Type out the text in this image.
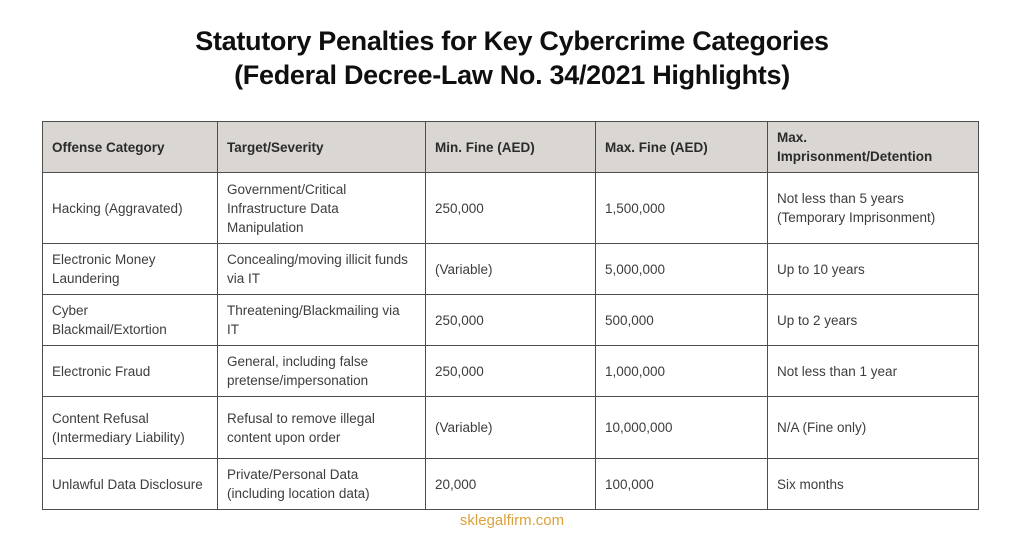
Statutory Penalties for Key Cybercrime Categories
(Federal Decree-Law No. 34/2021 Highlights)
Offense Category	Target/Severity	Min. Fine (AED)	Max. Fine (AED)	Max. Imprisonment/Detention
Hacking (Aggravated)	Government/Critical Infrastructure Data Manipulation	250,000	1,500,000	Not less than 5 years (Temporary Imprisonment)
Electronic Money Laundering	Concealing/moving illicit funds via IT	(Variable)	5,000,000	Up to 10 years
Cyber Blackmail/Extortion	Threatening/Blackmailing via IT	250,000	500,000	Up to 2 years
Electronic Fraud	General, including false pretense/impersonation	250,000	1,000,000	Not less than 1 year
Content Refusal (Intermediary Liability)	Refusal to remove illegal content upon order	(Variable)	10,000,000	N/A (Fine only)
Unlawful Data Disclosure	Private/Personal Data (including location data)	20,000	100,000	Six months
sklegalfirm.com
